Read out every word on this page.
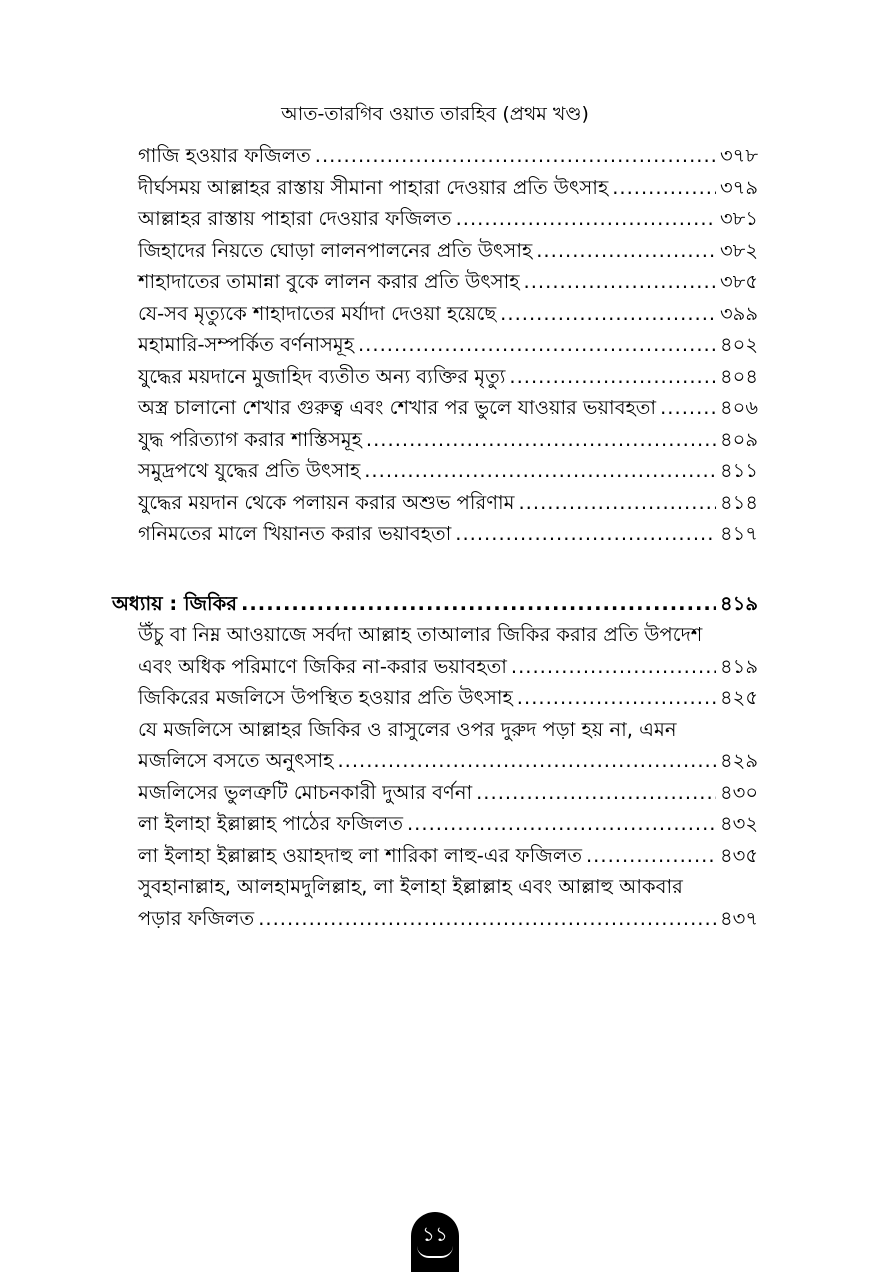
আত-তারগিব ওয়াত তারহিব (প্রথম খণ্ড)
গাজি হওয়ার ফজিলত .....	৩৭৮
দীর্ঘসময় আল্লাহর রাস্তায় সীমানা পাহারা দেওয়ার প্রতি উৎসাহ .....	৩৭৯
আল্লাহর রাস্তায় পাহারা দেওয়ার ফজিলত .....	৩৮১
জিহাদের নিয়তে ঘোড়া লালনপালনের প্রতি উৎসাহ .....	৩৮২
শাহাদাতের তামান্না বুকে লালন করার প্রতি উৎসাহ .....	৩৮৫
যে-সব মৃত্যুকে শাহাদাতের মর্যাদা দেওয়া হয়েছে .....	৩৯৯
মহামারি-সম্পর্কিত বর্ণনাসমূহ .....	৪০২
যুদ্ধের ময়দানে মুজাহিদ ব্যতীত অন্য ব্যক্তির মৃত্যু .....	৪০৪
অস্ত্র চালানো শেখার গুরুত্ব এবং শেখার পর ভুলে যাওয়ার ভয়াবহতা .....	৪০৬
যুদ্ধ পরিত্যাগ করার শাস্তিসমূহ .....	৪০৯
সমুদ্রপথে যুদ্ধের প্রতি উৎসাহ .....	৪১১
যুদ্ধের ময়দান থেকে পলায়ন করার অশুভ পরিণাম .....	৪১৪
গনিমতের মালে খিয়ানত করার ভয়াবহতা .....	৪১৭
অধ্যায় : জিকির .....	৪১৯
উঁচু বা নিম্ন আওয়াজে সর্বদা আল্লাহ তাআলার জিকির করার প্রতি উপদেশ
এবং অধিক পরিমাণে জিকির না-করার ভয়াবহতা .....	৪১৯
জিকিরের মজলিসে উপস্থিত হওয়ার প্রতি উৎসাহ .....	৪২৫
যে মজলিসে আল্লাহর জিকির ও রাসুলের ওপর দুরুদ পড়া হয় না, এমন
মজলিসে বসতে অনুৎসাহ .....	৪২৯
মজলিসের ভুলত্রুটি মোচনকারী দুআর বর্ণনা .....	৪৩০
লা ইলাহা ইল্লাল্লাহ পাঠের ফজিলত .....	৪৩২
লা ইলাহা ইল্লাল্লাহ ওয়াহদাহু লা শারিকা লাহু-এর ফজিলত .....	৪৩৫
সুবহানাল্লাহ, আলহামদুলিল্লাহ, লা ইলাহা ইল্লাল্লাহ এবং আল্লাহু আকবার
পড়ার ফজিলত .....	৪৩৭
১১
